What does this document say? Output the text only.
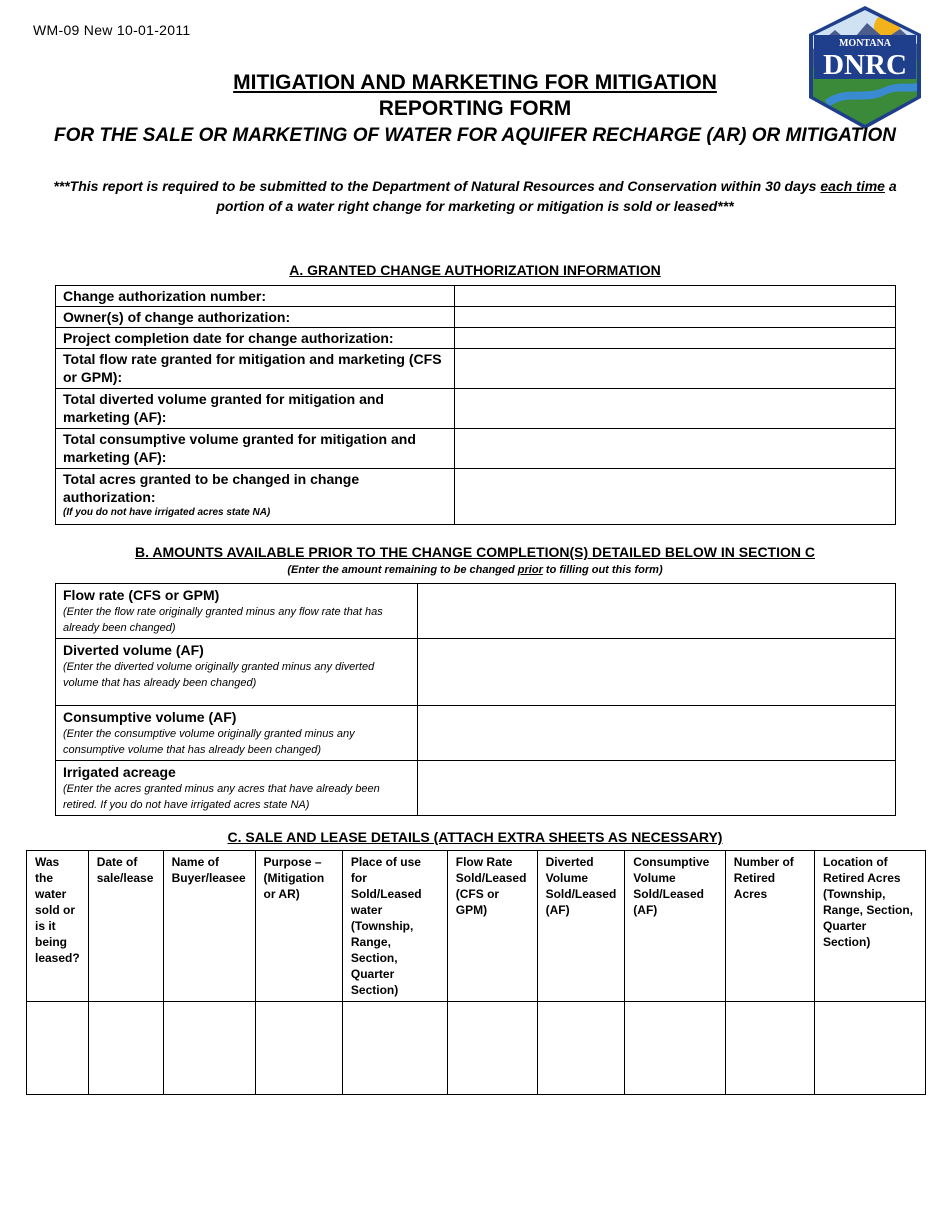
WM-09 New 10-01-2011
MONTANA
DNRC
MITIGATION AND MARKETING FOR MITIGATION
REPORTING FORM
FOR THE SALE OR MARKETING OF WATER FOR AQUIFER RECHARGE (AR) OR MITIGATION
***This report is required to be submitted to the Department of Natural Resources and Conservation within 30 days each time a portion of a water right change for marketing or mitigation is sold or leased***
A. GRANTED CHANGE AUTHORIZATION INFORMATION
Change authorization number:	
Owner(s) of change authorization:	
Project completion date for change authorization:	
Total flow rate granted for mitigation and marketing (CFS or GPM):	
Total diverted volume granted for mitigation and marketing (AF):	
Total consumptive volume granted for mitigation and marketing (AF):	
Total acres granted to be changed in change authorization:
(If you do not have irrigated acres state NA)	

B. AMOUNTS AVAILABLE PRIOR TO THE CHANGE COMPLETION(S) DETAILED BELOW IN SECTION C
(Enter the amount remaining to be changed prior to filling out this form)
Flow rate (CFS or GPM)
(Enter the flow rate originally granted minus any flow rate that has already been changed)	

Diverted volume (AF)
(Enter the diverted volume originally granted minus any diverted volume that has already been changed)	

Consumptive volume (AF)
(Enter the consumptive volume originally granted minus any consumptive volume that has already been changed)	

Irrigated acreage
(Enter the acres granted minus any acres that have already been retired. If you do not have irrigated acres state NA)	

C. SALE AND LEASE DETAILS (ATTACH EXTRA SHEETS AS NECESSARY)
Was the water sold or is it being leased?	Date of sale/lease	Name of Buyer/leasee	Purpose – (Mitigation or AR)	Place of use for Sold/Leased water (Township, Range, Section, Quarter Section)	Flow Rate Sold/Leased (CFS or GPM)	Diverted Volume Sold/Leased (AF)	Consumptive Volume Sold/Leased (AF)	Number of Retired Acres	Location of Retired Acres (Township, Range, Section, Quarter Section)
